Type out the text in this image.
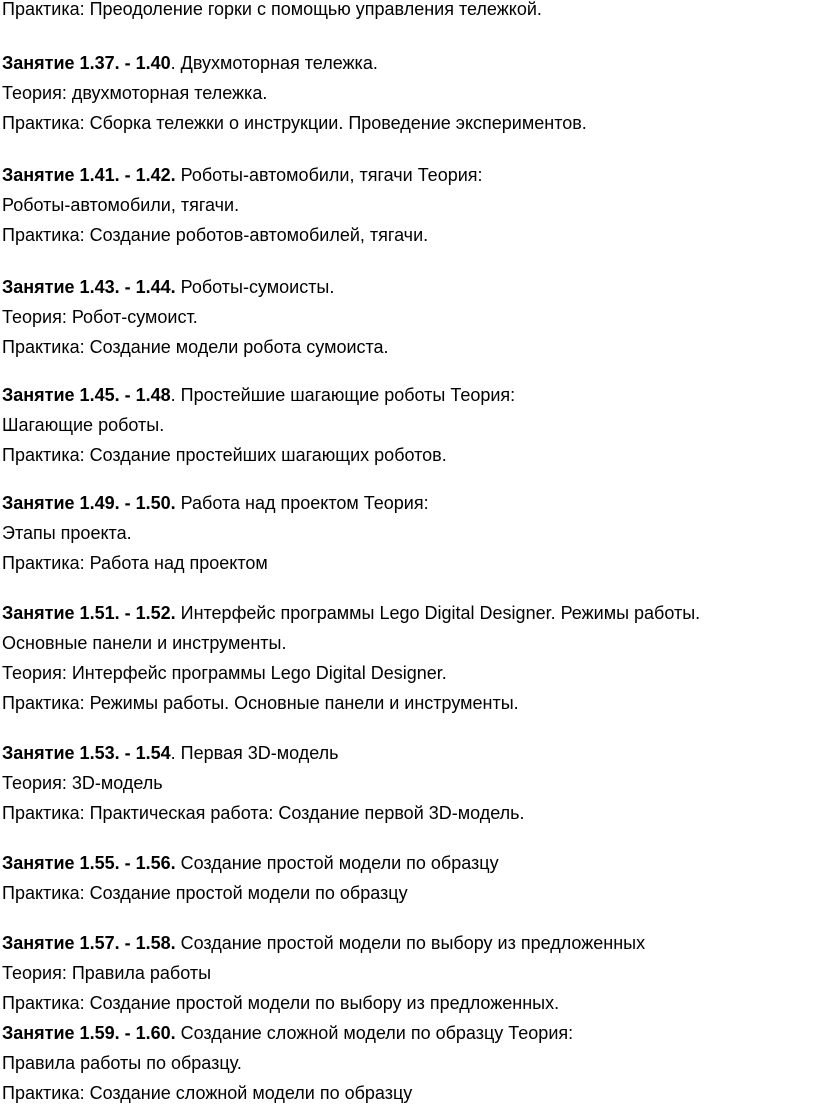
Практика: Преодоление горки с помощью управления тележкой.
Занятие 1.37. - 1.40. Двухмоторная тележка.
Теория: двухмоторная тележка.
Практика: Сборка тележки о инструкции. Проведение экспериментов.
Занятие 1.41. - 1.42. Роботы-автомобили, тягачи Теория:
Роботы-автомобили, тягачи.
Практика: Создание роботов-автомобилей, тягачи.
Занятие 1.43. - 1.44. Роботы-сумоисты.
Теория: Робот-сумоист.
Практика: Создание модели робота сумоиста.
Занятие 1.45. - 1.48. Простейшие шагающие роботы Теория:
Шагающие роботы.
Практика: Создание простейших шагающих роботов.
Занятие 1.49. - 1.50. Работа над проектом Теория:
Этапы проекта.
Практика: Работа над проектом
Занятие 1.51. - 1.52. Интерфейс программы Lego Digital Designer. Режимы работы.
Основные панели и инструменты.
Теория: Интерфейс программы Lego Digital Designer.
Практика: Режимы работы. Основные панели и инструменты.
Занятие 1.53. - 1.54. Первая 3D-модель
Теория: 3D-модель
Практика: Практическая работа: Создание первой 3D-модель.
Занятие 1.55. - 1.56. Создание простой модели по образцу
Практика: Создание простой модели по образцу
Занятие 1.57. - 1.58. Создание простой модели по выбору из предложенных
Теория: Правила работы
Практика: Создание простой модели по выбору из предложенных.
Занятие 1.59. - 1.60. Создание сложной модели по образцу Теория:
Правила работы по образцу.
Практика: Создание сложной модели по образцу
